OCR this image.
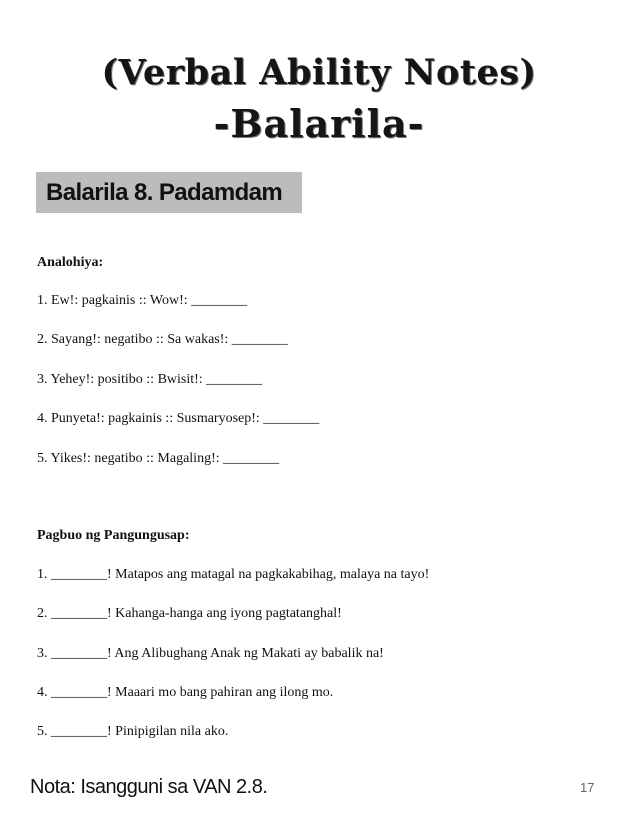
(Verbal Ability Notes)
-Balarila-
Balarila 8. Padamdam
Analohiya:
1. Ew!: pagkainis :: Wow!: ________
2. Sayang!: negatibo :: Sa wakas!: ________
3. Yehey!: positibo :: Bwisit!: ________
4. Punyeta!: pagkainis :: Susmaryosep!: ________
5. Yikes!: negatibo :: Magaling!: ________
Pagbuo ng Pangungusap:
1. ________! Matapos ang matagal na pagkakabihag, malaya na tayo!
2. ________! Kahanga-hanga ang iyong pagtatanghal!
3. ________! Ang Alibughang Anak ng Makati ay babalik na!
4. ________! Maaari mo bang pahiran ang ilong mo.
5. ________! Pinipigilan nila ako.
Nota: Isangguni sa VAN 2.8.	17
